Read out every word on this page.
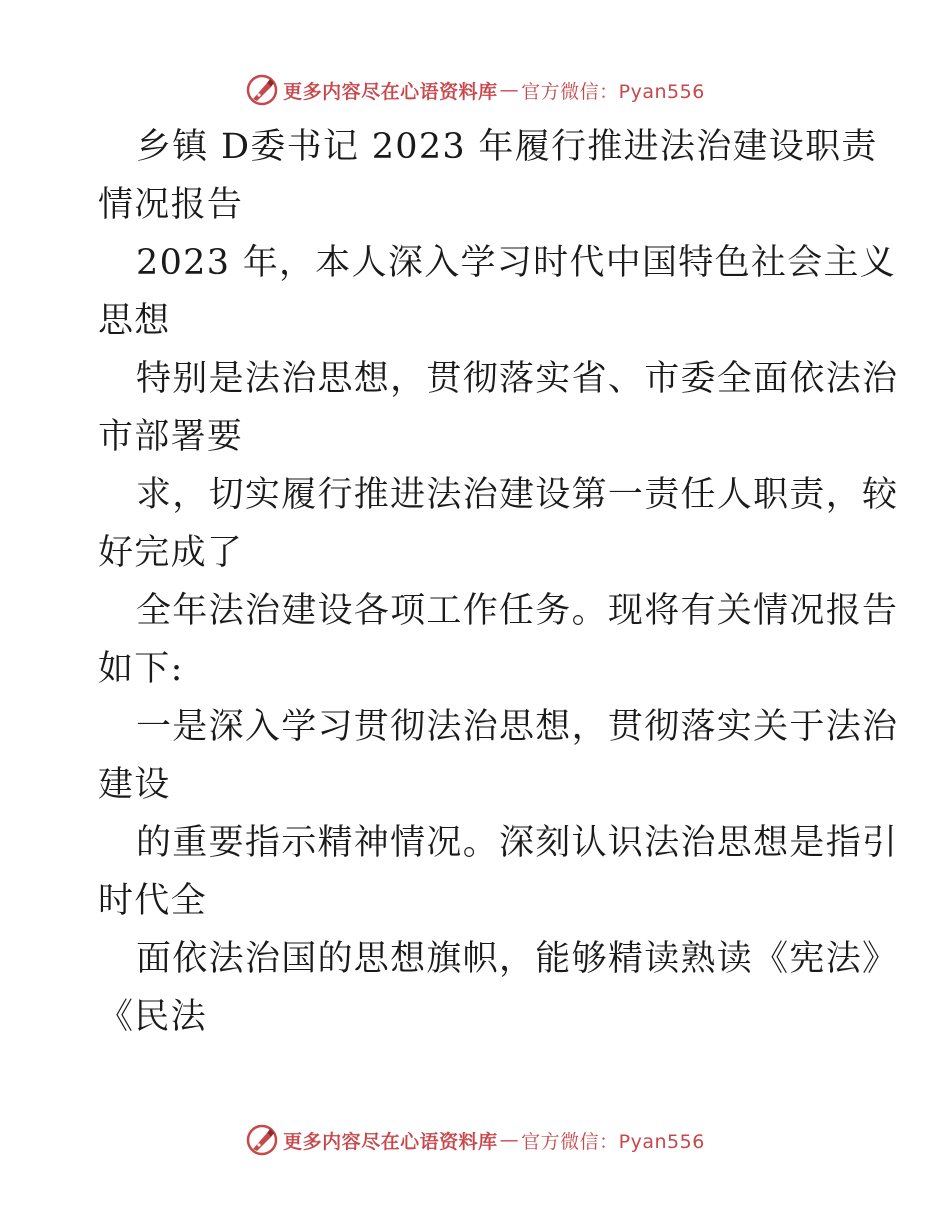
更多内容尽在心语资料库 — 官方微信：Pyan556
乡镇 D委书记 2023 年履行推进法治建设职责
情况报告
2023 年，本人深入学习时代中国特色社会主义
思想
特别是法治思想，贯彻落实省、市委全面依法治
市部署要
求，切实履行推进法治建设第一责任人职责，较
好完成了
全年法治建设各项工作任务。现将有关情况报告
如下:
一是深入学习贯彻法治思想，贯彻落实关于法治
建设
的重要指示精神情况。深刻认识法治思想是指引
时代全
面依法治国的思想旗帜，能够精读熟读《宪法》
《民法
更多内容尽在心语资料库 — 官方微信：Pyan556
